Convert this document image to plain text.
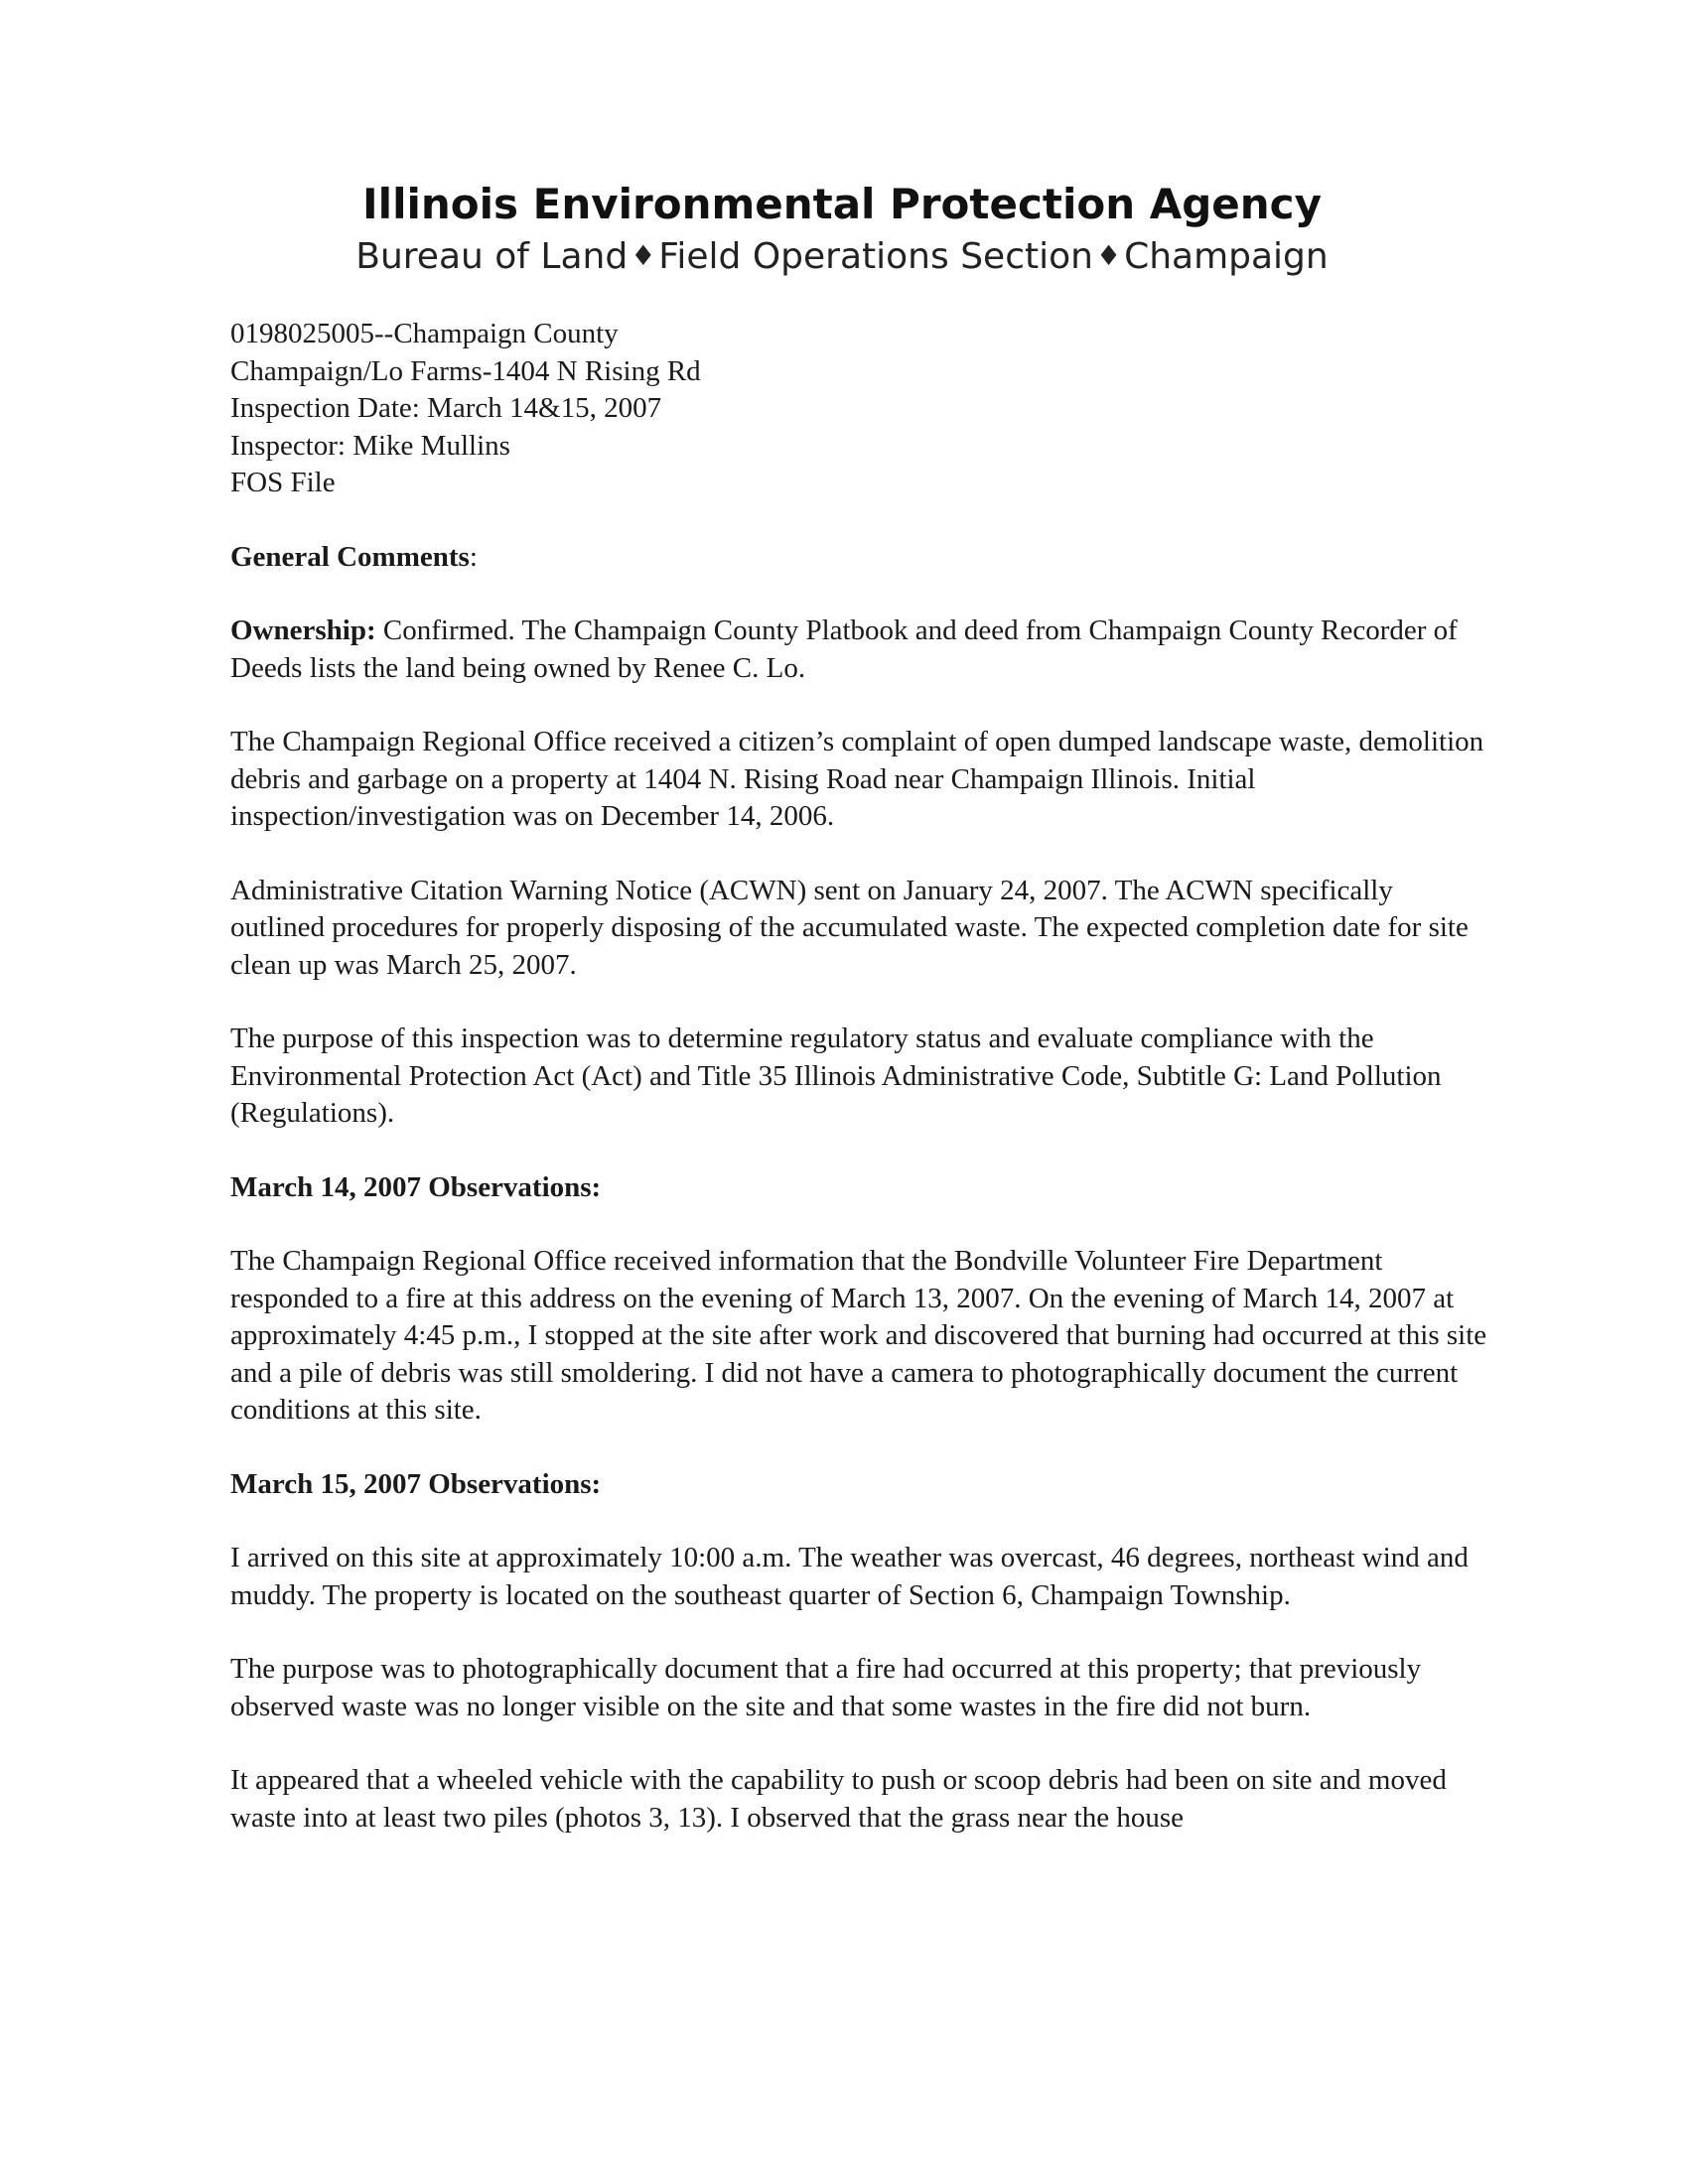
Illinois Environmental Protection Agency

Bureau of Land ♦Field Operations Section ♦Champaign

0198025005--Champaign County
Champaign/Lo Farms-1404 N Rising Rd
Inspection Date: March 14&15, 2007
Inspector: Mike Mullins
FOS File

General Comments:

Ownership: Confirmed. The Champaign County Platbook and deed from Champaign County Recorder of Deeds lists the land being owned by Renee C. Lo.

The Champaign Regional Office received a citizen’s complaint of open dumped landscape waste, demolition debris and garbage on a property at 1404 N. Rising Road near Champaign Illinois. Initial inspection/investigation was on December 14, 2006.

Administrative Citation Warning Notice (ACWN) sent on January 24, 2007. The ACWN specifically outlined procedures for properly disposing of the accumulated waste. The expected completion date for site clean up was March 25, 2007.

The purpose of this inspection was to determine regulatory status and evaluate compliance with the Environmental Protection Act (Act) and Title 35 Illinois Administrative Code, Subtitle G: Land Pollution (Regulations).

March 14, 2007 Observations:

The Champaign Regional Office received information that the Bondville Volunteer Fire Department responded to a fire at this address on the evening of March 13, 2007. On the evening of March 14, 2007 at approximately 4:45 p.m., I stopped at the site after work and discovered that burning had occurred at this site and a pile of debris was still smoldering. I did not have a camera to photographically document the current conditions at this site.

March 15, 2007 Observations:

I arrived on this site at approximately 10:00 a.m. The weather was overcast, 46 degrees, northeast wind and muddy. The property is located on the southeast quarter of Section 6, Champaign Township.

The purpose was to photographically document that a fire had occurred at this property; that previously observed waste was no longer visible on the site and that some wastes in the fire did not burn.

It appeared that a wheeled vehicle with the capability to push or scoop debris had been on site and moved waste into at least two piles (photos 3, 13). I observed that the grass near the house
